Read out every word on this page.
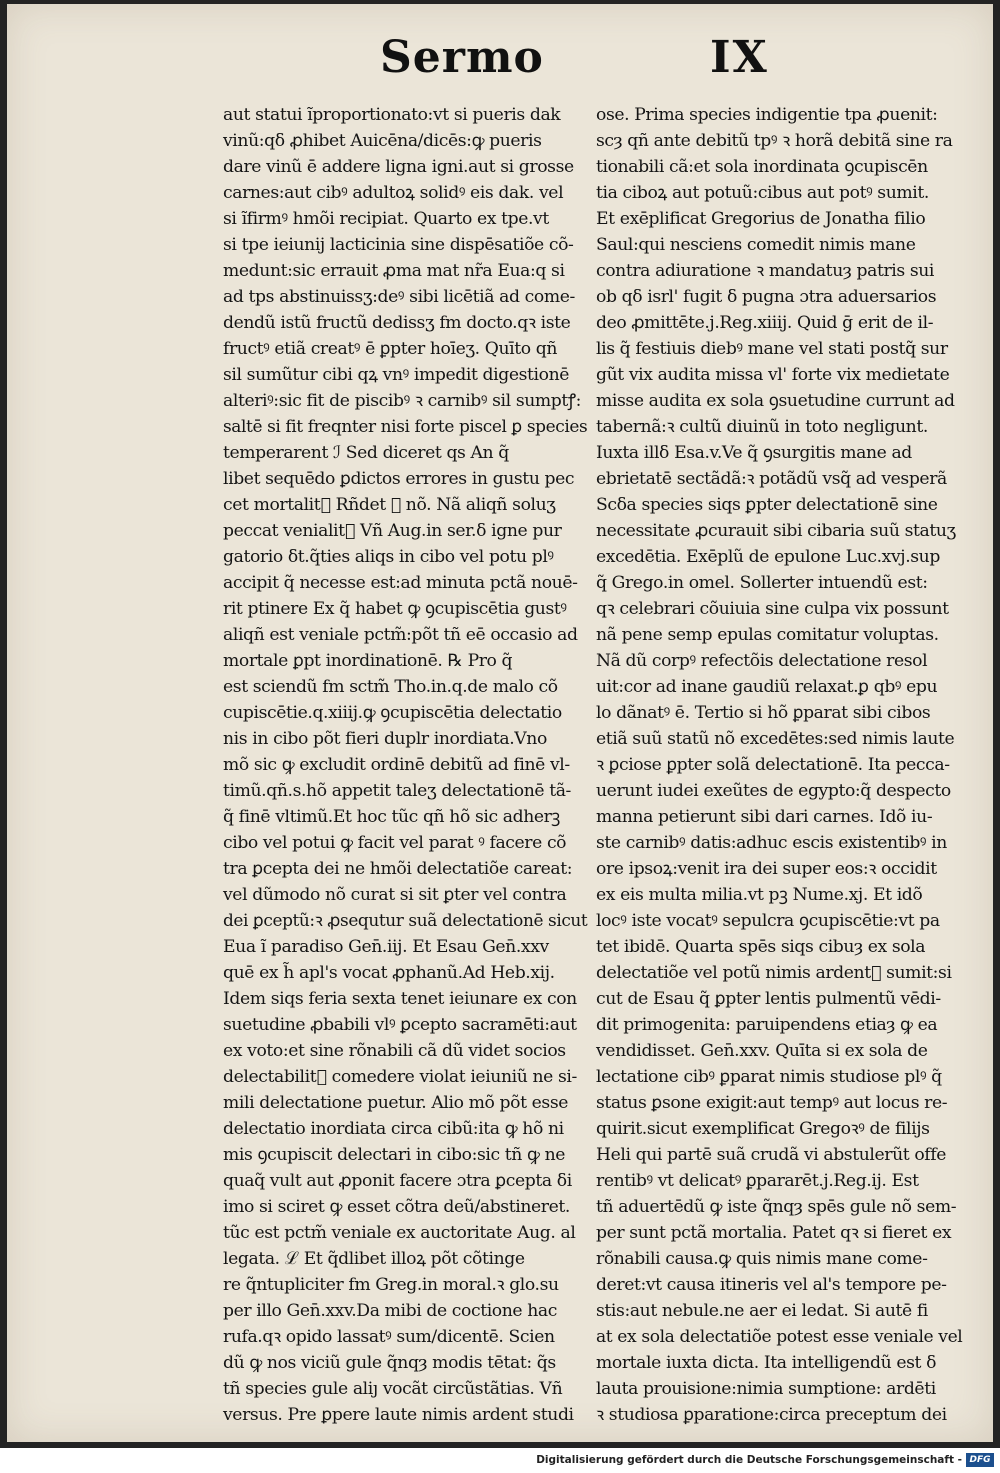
Sermo	IX
aut statui ĩproportionato:vt si pueris dak
vinũ:qδ ꝓhibet Auicēna/dicēs:ꝙ pueris
dare vinũ ē addere ligna igni.aut si grosse
carnes:aut cibꝰ adultoꝝ solidꝰ eis dak. vel
si ĩfirmꝰ hmõi recipiat. Quarto ex tpe.vt
si tpe ieiunij lacticinia sine dispēsatiõe cõ-
medunt:sic errauit ꝓma mat nr̃a Eua:q si
ad tps abstinuissʒ:deꝰ sibi licētiã ad come-
dendũ istũ fructũ dedissʒ fm docto.qꝛ iste
fructꝰ etiã creatꝰ ē ꝑpter hoīeʒ. Quīto qñ
sil sumũtur cibi qꝝ vnꝰ impedit digestionē
alteriꝰ:sic fit de piscibꝰ ꝛ carnibꝰ sil sumptꝭ:
saltē si fit freqnter nisi forte piscel ꝑ species
temperarent ℐ Sed diceret qs An q̃
libet sequēdo ꝑdictos errores in gustu pec
cet mortalit᷑ Rñdet ꝙ nõ. Nã aliqñ soluʒ
peccat venialit᷑ Vñ Aug.in ser.δ igne pur
gatorio δt.q̃ties aliqs in cibo vel potu plꝰ
accipit q̃ necesse est:ad minuta pctã nouē-
rit ptinere Ex q̃ habet ꝙ ꝯcupiscētia gustꝰ
aliqñ est veniale pctm̃:põt tñ eē occasio ad
mortale ꝑpt inordinationē. ℞ Pro q̃
est sciendũ fm sctm̃ Tho.in.q.de malo cõ
cupiscētie.q.xiiij.ꝙ ꝯcupiscētia delectatio
nis in cibo põt fieri duplr inordiata.Vno
mõ sic ꝙ excludit ordinē debitũ ad finē vl-
timũ.qñ.s.hõ appetit taleʒ delectationē tã-
q̃ finē vltimũ.Et hoc tũc qñ hõ sic adherꝫ
cibo vel potui ꝙ facit vel parat ꝰ facere cõ
tra ꝑcepta dei ne hmõi delectatiõe careat:
vel dũmodo nõ curat si sit ꝑter vel contra
dei ꝑceptũ:ꝛ ꝓsequtur suã delectationē sicut
Eua ĩ paradiso Gen̄.iij. Et Esau Gen̄.xxv
quē ex h̃ apl's vocat ꝓphanũ.Ad Heb.xij.
Idem siqs feria sexta tenet ieiunare ex con
suetudine ꝓbabili vlꝰ ꝑcepto sacramēti:aut
ex voto:et sine rõnabili cã dũ videt socios
delectabilit᷑ comedere violat ieiuniũ ne si-
mili delectatione puetur. Alio mõ põt esse
delectatio inordiata circa cibũ:ita ꝙ hõ ni
mis ꝯcupiscit delectari in cibo:sic tñ ꝙ ne
quaq̃ vult aut ꝓponit facere ɔtra ꝑcepta δi
imo si sciret ꝙ esset cõtra deũ/abstineret.
tũc est pctm̃ veniale ex auctoritate Aug. al
legata. ℒ Et q̃dlibet illoꝝ põt cõtinge
re q̃ntupliciter fm Greg.in moral.ꝛ glo.su
per illo Gen̄.xxv.Da mibi de coctione hac
rufa.qꝛ opido lassatꝰ sum/dicentē. Scien
dũ ꝙ nos viciũ gule q̃nqȝ modis tētat: q̃s
tñ species gule aliȷ vocãt circũstãtias. Vñ
versus. Pre ꝑpere laute nimis ardent studi
ose. Prima species indigentie tpa ꝓuenit:
scȝ qñ ante debitũ tpꝰ ꝛ horã debitã sine ra
tionabili cã:et sola inordinata ꝯcupiscēn
tia ciboꝝ aut potuũ:cibus aut potꝰ sumit.
Et exēplificat Gregorius de Jonatha filio
Saul:qui nesciens comedit nimis mane
contra adiuratione ꝛ mandatuȝ patris sui
ob qδ isrl' fugit δ pugna ɔtra aduersarios
deo ꝓmittēte.j.Reg.xiiij. Quid ḡ erit de il-
lis q̃ festiuis diebꝰ mane vel stati postq̃ sur
gũt vix audita missa vl' forte vix medietate
misse audita ex sola ꝯsuetudine currunt ad
tabernã:ꝛ cultũ diuinũ in toto negligunt.
Iuxta illδ Esa.v.Ve q̃ ꝯsurgitis mane ad
ebrietatē sectãdã:ꝛ potãdũ vsq̃ ad vesperã
Scδa species siqs ꝑpter delectationē sine
necessitate ꝓcurauit sibi cibaria suũ statuʒ
excedētia. Exēplũ de epulone Luc.xvj.sup
q̃ Grego.in omel. Sollerter intuendũ est:
qꝛ celebrari cõuiuia sine culpa vix possunt
nã pene semp epulas comitatur voluptas.
Nã dũ corpꝰ refectõis delectatione resol
uit:cor ad inane gaudiũ relaxat.ꝑ qbꝰ epu
lo dãnatꝰ ē. Tertio si hõ ꝑparat sibi cibos
etiã suũ statũ nõ excedētes:sed nimis laute
ꝛ ꝑciose ꝑpter solã delectationē. Ita pecca-
uerunt iudei exeũtes de egypto:q̃ despecto
manna petierunt sibi dari carnes. Idõ iu-
ste carnibꝰ datis:adhuc escis existentibꝰ in
ore ipsoꝝ:venit ira dei super eos:ꝛ occidit
ex eis multa milia.vt pꝫ Nume.xj. Et idõ
locꝰ iste vocatꝰ sepulcra ꝯcupiscētie:vt pa
tet ibidē. Quarta spēs siqs cibuȝ ex sola
delectatiõe vel potũ nimis ardent᷑ sumit:si
cut de Esau q̃ ꝑpter lentis pulmentũ vēdi-
dit primogenita: paruipendens etiaȝ ꝙ ea
vendidisset. Gen̄.xxv. Quīta si ex sola de
lectatione cibꝰ ꝑparat nimis studiose plꝰ q̃
status ꝑsone exigit:aut tempꝰ aut locus re-
quirit.sicut exemplificat Gregoꝛꝰ de filijs
Heli qui partē suã crudã vi abstulerũt offe
rentibꝰ vt delicatꝰ ꝑpararēt.j.Reg.ij. Est
tñ aduertēdũ ꝙ iste q̃nqȝ spēs gule nõ sem-
per sunt pctã mortalia. Patet qꝛ si fieret ex
rõnabili causa.ꝙ quis nimis mane come-
deret:vt causa itineris vel al's tempore pe-
stis:aut nebule.ne aer ei ledat. Si autē fi
at ex sola delectatiõe potest esse veniale vel
mortale iuxta dicta. Ita intelligendũ est δ
lauta prouisione:nimia sumptione: ardēti
ꝛ studiosa ꝑparatione:circa preceptum dei
Digitalisierung gefördert durch die Deutsche Forschungsgemeinschaft - DFG
